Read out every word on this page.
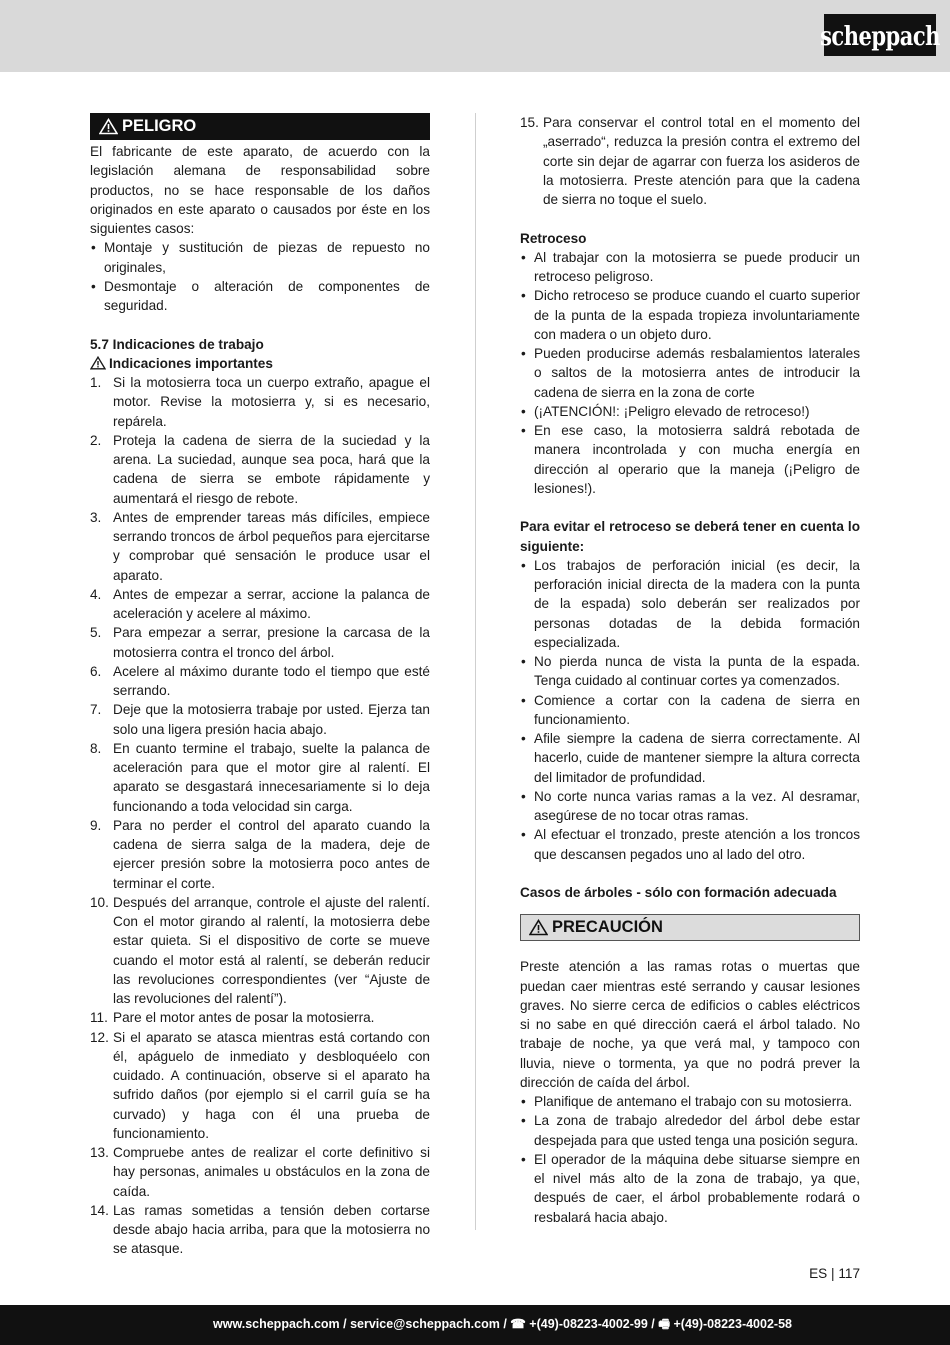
scheppach
PELIGRO
El fabricante de este aparato, de acuerdo con la legislación alemana de responsabilidad sobre productos, no se hace responsable de los daños originados en este aparato o causados por éste en los siguientes casos:
• Montaje y sustitución de piezas de repuesto no originales,
• Desmontaje o alteración de componentes de seguridad.
5.7 Indicaciones de trabajo
Indicaciones importantes
1. Si la motosierra toca un cuerpo extraño, apague el motor. Revise la motosierra y, si es necesario, repárela.
2. Proteja la cadena de sierra de la suciedad y la arena. La suciedad, aunque sea poca, hará que la cadena de sierra se embote rápidamente y aumentará el riesgo de rebote.
3. Antes de emprender tareas más difíciles, empiece serrando troncos de árbol pequeños para ejercitarse y comprobar qué sensación le produce usar el aparato.
4. Antes de empezar a serrar, accione la palanca de aceleración y acelere al máximo.
5. Para empezar a serrar, presione la carcasa de la motosierra contra el tronco del árbol.
6. Acelere al máximo durante todo el tiempo que esté serrando.
7. Deje que la motosierra trabaje por usted. Ejerza tan solo una ligera presión hacia abajo.
8. En cuanto termine el trabajo, suelte la palanca de aceleración para que el motor gire al ralentí. El aparato se desgastará innecesariamente si lo deja funcionando a toda velocidad sin carga.
9. Para no perder el control del aparato cuando la cadena de sierra salga de la madera, deje de ejercer presión sobre la motosierra poco antes de terminar el corte.
10. Después del arranque, controle el ajuste del ralentí. Con el motor girando al ralentí, la motosierra debe estar quieta. Si el dispositivo de corte se mueve cuando el motor está al ralentí, se deberán reducir las revoluciones correspondientes (ver “Ajuste de las revoluciones del ralentí”).
11. Pare el motor antes de posar la motosierra.
12. Si el aparato se atasca mientras está cortando con él, apáguelo de inmediato y desbloquéelo con cuidado. A continuación, observe si el aparato ha sufrido daños (por ejemplo si el carril guía se ha curvado) y haga con él una prueba de funcionamiento.
13. Compruebe antes de realizar el corte definitivo si hay personas, animales u obstáculos en la zona de caída.
14. Las ramas sometidas a tensión deben cortarse desde abajo hacia arriba, para que la motosierra no se atasque.
15. Para conservar el control total en el momento del „aserrado“, reduzca la presión contra el extremo del corte sin dejar de agarrar con fuerza los asideros de la motosierra. Preste atención para que la cadena de sierra no toque el suelo.
Retroceso
• Al trabajar con la motosierra se puede producir un retroceso peligroso.
• Dicho retroceso se produce cuando el cuarto superior de la punta de la espada tropieza involuntariamente con madera o un objeto duro.
• Pueden producirse además resbalamientos laterales o saltos de la motosierra antes de introducir la cadena de sierra en la zona de corte
• (¡ATENCIÓN!: ¡Peligro elevado de retroceso!)
• En ese caso, la motosierra saldrá rebotada de manera incontrolada y con mucha energía en dirección al operario que la maneja (¡Peligro de lesiones!).
Para evitar el retroceso se deberá tener en cuenta lo siguiente:
• Los trabajos de perforación inicial (es decir, la perforación inicial directa de la madera con la punta de la espada) solo deberán ser realizados por personas dotadas de la debida formación especializada.
• No pierda nunca de vista la punta de la espada. Tenga cuidado al continuar cortes ya comenzados.
• Comience a cortar con la cadena de sierra en funcionamiento.
• Afile siempre la cadena de sierra correctamente. Al hacerlo, cuide de mantener siempre la altura correcta del limitador de profundidad.
• No corte nunca varias ramas a la vez. Al desramar, asegúrese de no tocar otras ramas.
• Al efectuar el tronzado, preste atención a los troncos que descansen pegados uno al lado del otro.
Casos de árboles - sólo con formación adecuada
PRECAUCIÓN
Preste atención a las ramas rotas o muertas que puedan caer mientras esté serrando y causar lesiones graves. No sierre cerca de edificios o cables eléctricos si no sabe en qué dirección caerá el árbol talado. No trabaje de noche, ya que verá mal, y tampoco con lluvia, nieve o tormenta, ya que no podrá prever la dirección de caída del árbol.
• Planifique de antemano el trabajo con su motosierra.
• La zona de trabajo alrededor del árbol debe estar despejada para que usted tenga una posición segura.
• El operador de la máquina debe situarse siempre en el nivel más alto de la zona de trabajo, ya que, después de caer, el árbol probablemente rodará o resbalará hacia abajo.
ES | 117
www.scheppach.com / service@scheppach.com / ☎ +(49)-08223-4002-99 / 🖷 +(49)-08223-4002-58
